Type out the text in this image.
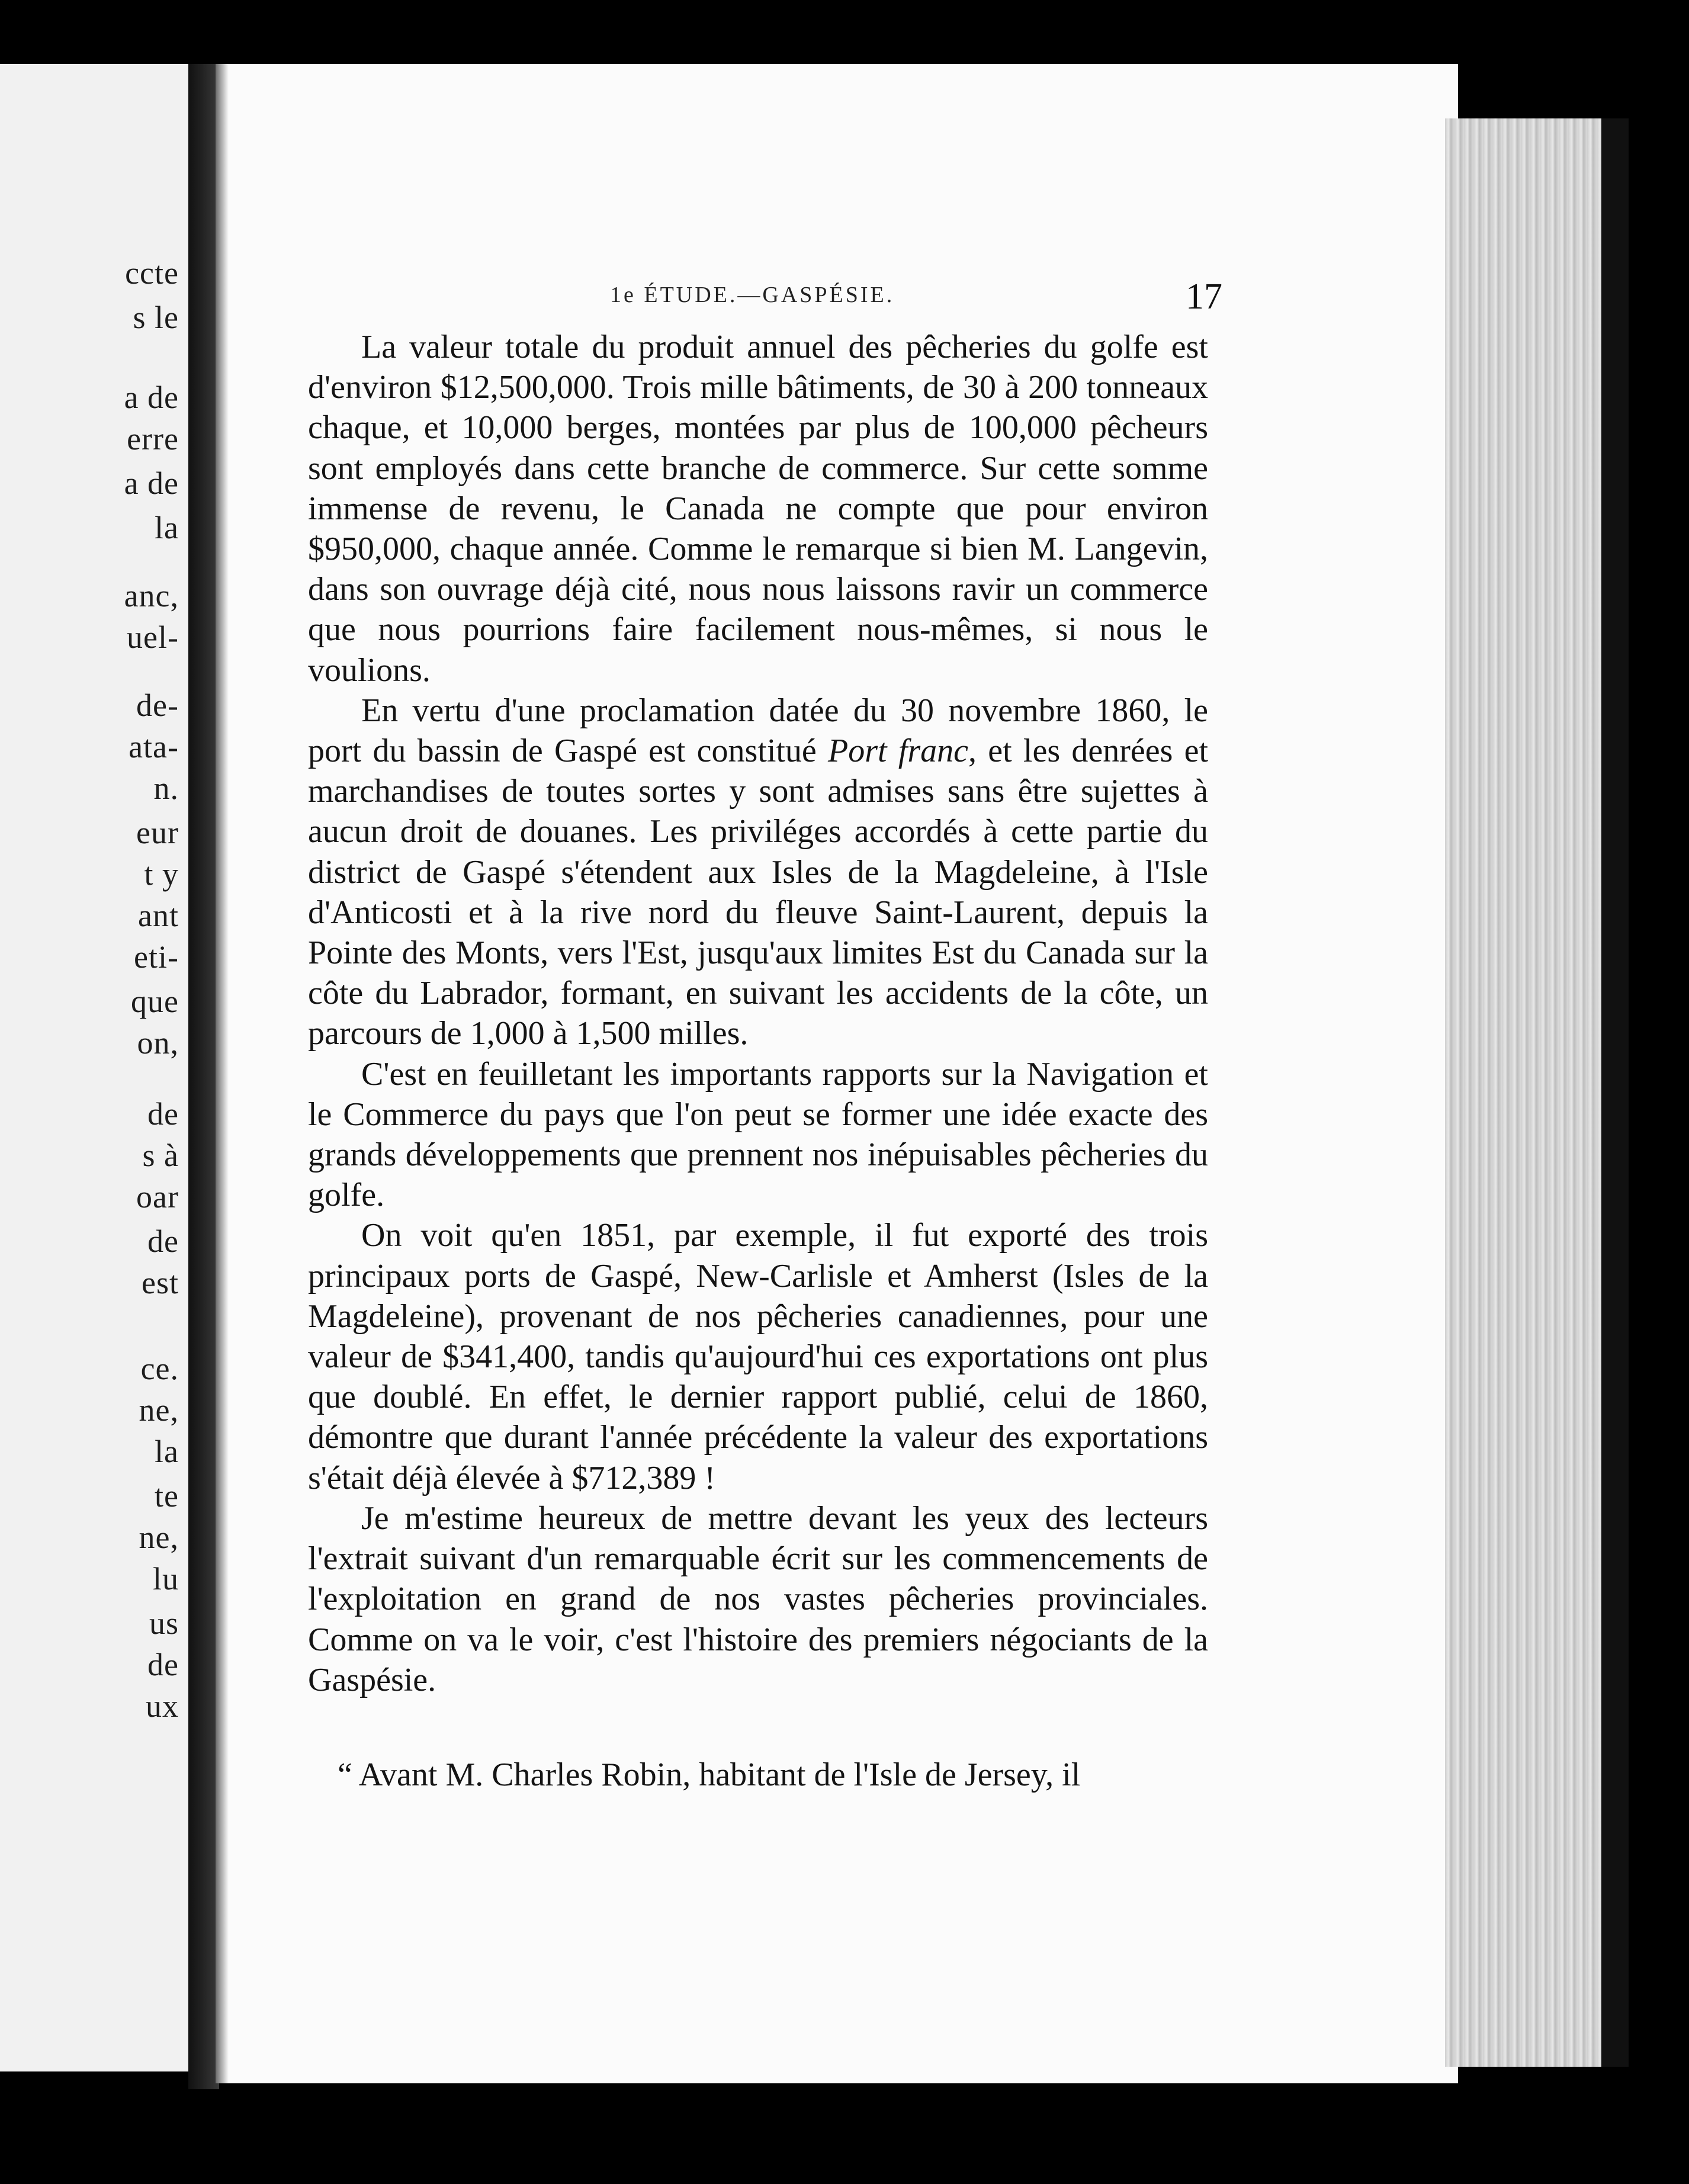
ccte
s le
a de
erre
a de
la
anc,
uel-
de-
ata-
n.
eur
t y
ant
eti-
que
on,
de
s à
oar
de
est
ce.
ne,
la
te
ne,
lu
us
de
ux
1e ÉTUDE.—GASPÉSIE.	17

La valeur totale du produit annuel des pêcheries du golfe est d'environ $12,500,000. Trois mille bâtiments, de 30 à 200 tonneaux chaque, et 10,000 berges, montées par plus de 100,000 pêcheurs sont employés dans cette branche de commerce. Sur cette somme immense de revenu, le Canada ne compte que pour environ $950,000, chaque année. Comme le remarque si bien M. Langevin, dans son ouvrage déjà cité, nous nous laissons ravir un commerce que nous pourrions faire facilement nous-mêmes, si nous le voulions.

En vertu d'une proclamation datée du 30 novembre 1860, le port du bassin de Gaspé est constitué Port franc, et les denrées et marchandises de toutes sortes y sont admises sans être sujettes à aucun droit de douanes. Les priviléges accordés à cette partie du district de Gaspé s'étendent aux Isles de la Magdeleine, à l'Isle d'Anticosti et à la rive nord du fleuve Saint-Laurent, depuis la Pointe des Monts, vers l'Est, jusqu'aux limites Est du Canada sur la côte du Labrador, formant, en suivant les accidents de la côte, un parcours de 1,000 à 1,500 milles.

C'est en feuilletant les importants rapports sur la Navigation et le Commerce du pays que l'on peut se former une idée exacte des grands développements que prennent nos inépuisables pêcheries du golfe.

On voit qu'en 1851, par exemple, il fut exporté des trois principaux ports de Gaspé, New-Carlisle et Amherst (Isles de la Magdeleine), provenant de nos pêcheries canadiennes, pour une valeur de $341,400, tandis qu'aujourd'hui ces exportations ont plus que doublé. En effet, le dernier rapport publié, celui de 1860, démontre que durant l'année précédente la valeur des exportations s'était déjà élevée à $712,389 !

Je m'estime heureux de mettre devant les yeux des lecteurs l'extrait suivant d'un remarquable écrit sur les commencements de l'exploitation en grand de nos vastes pêcheries provinciales. Comme on va le voir, c'est l'histoire des premiers négociants de la Gaspésie.

“ Avant M. Charles Robin, habitant de l'Isle de Jersey, il
